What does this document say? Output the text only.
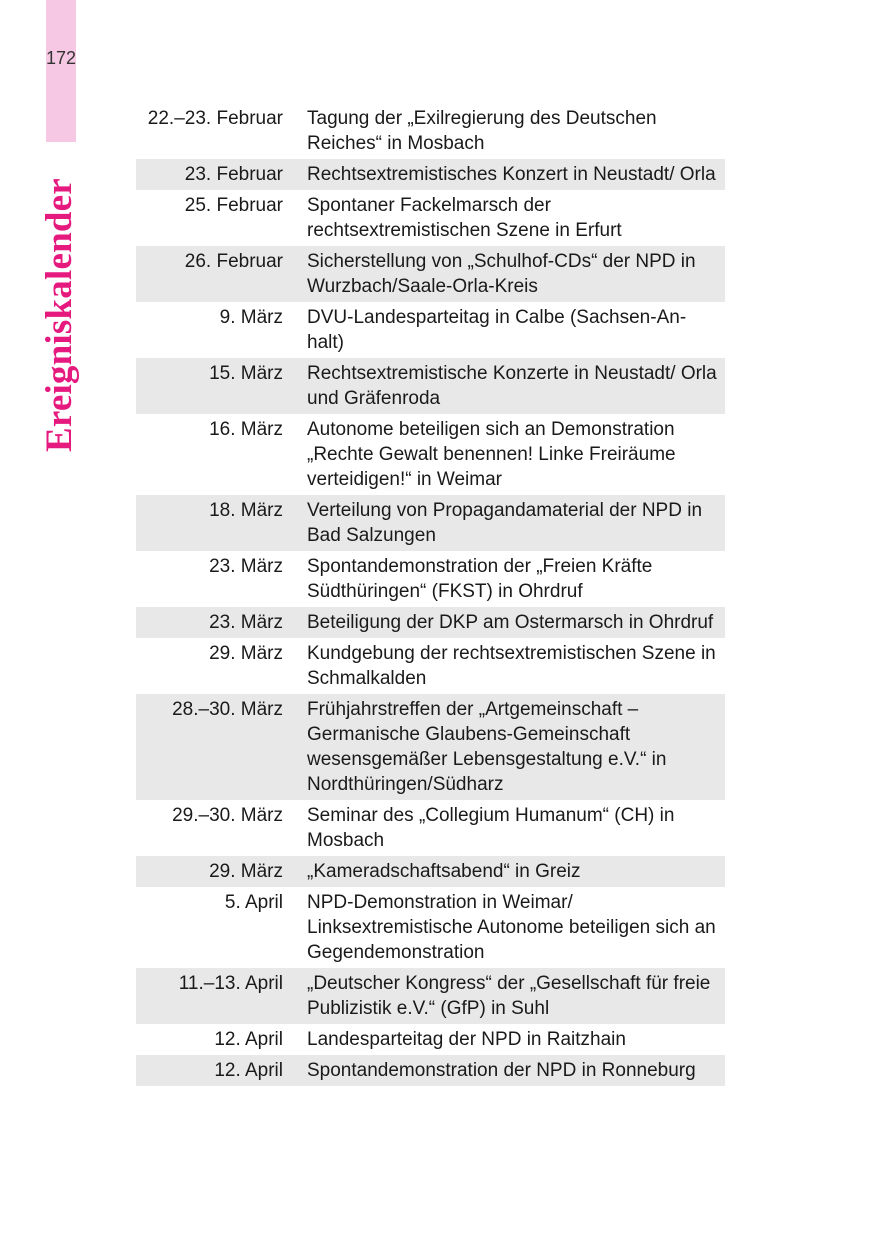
172
Ereigniskalender
22.–23. Februar	Tagung der „Exilregierung des Deutschen Reiches“ in Mosbach
23. Februar	Rechtsextremistisches Konzert in Neustadt/ Orla
25. Februar	Spontaner Fackelmarsch der rechtsextremistischen Szene in Erfurt
26. Februar	Sicherstellung von „Schulhof-CDs“ der NPD in Wurzbach/Saale-Orla-Kreis
9. März	DVU-Landesparteitag in Calbe (Sachsen-An- halt)
15. März	Rechtsextremistische Konzerte in Neustadt/ Orla und Gräfenroda
16. März	Autonome beteiligen sich an Demonstration „Rechte Gewalt benennen! Linke Freiräume verteidigen!“ in Weimar
18. März	Verteilung von Propagandamaterial der NPD in Bad Salzungen
23. März	Spontandemonstration der „Freien Kräfte Südthüringen“ (FKST) in Ohrdruf
23. März	Beteiligung der DKP am Ostermarsch in Ohrdruf
29. März	Kundgebung der rechtsextremistischen Szene in Schmalkalden
28.–30. März	Frühjahrstreffen der „Artgemeinschaft – Germanische Glaubens-Gemeinschaft wesensgemäßer Lebensgestaltung e.V.“ in Nordthüringen/Südharz
29.–30. März	Seminar des „Collegium Humanum“ (CH) in Mosbach
29. März	„Kameradschaftsabend“ in Greiz
5. April	NPD-Demonstration in Weimar/ Linksextremistische Autonome beteiligen sich an Gegendemonstration
11.–13. April	„Deutscher Kongress“ der „Gesellschaft für freie Publizistik e.V.“ (GfP) in Suhl
12. April	Landesparteitag der NPD in Raitzhain
12. April	Spontandemonstration der NPD in Ronneburg
